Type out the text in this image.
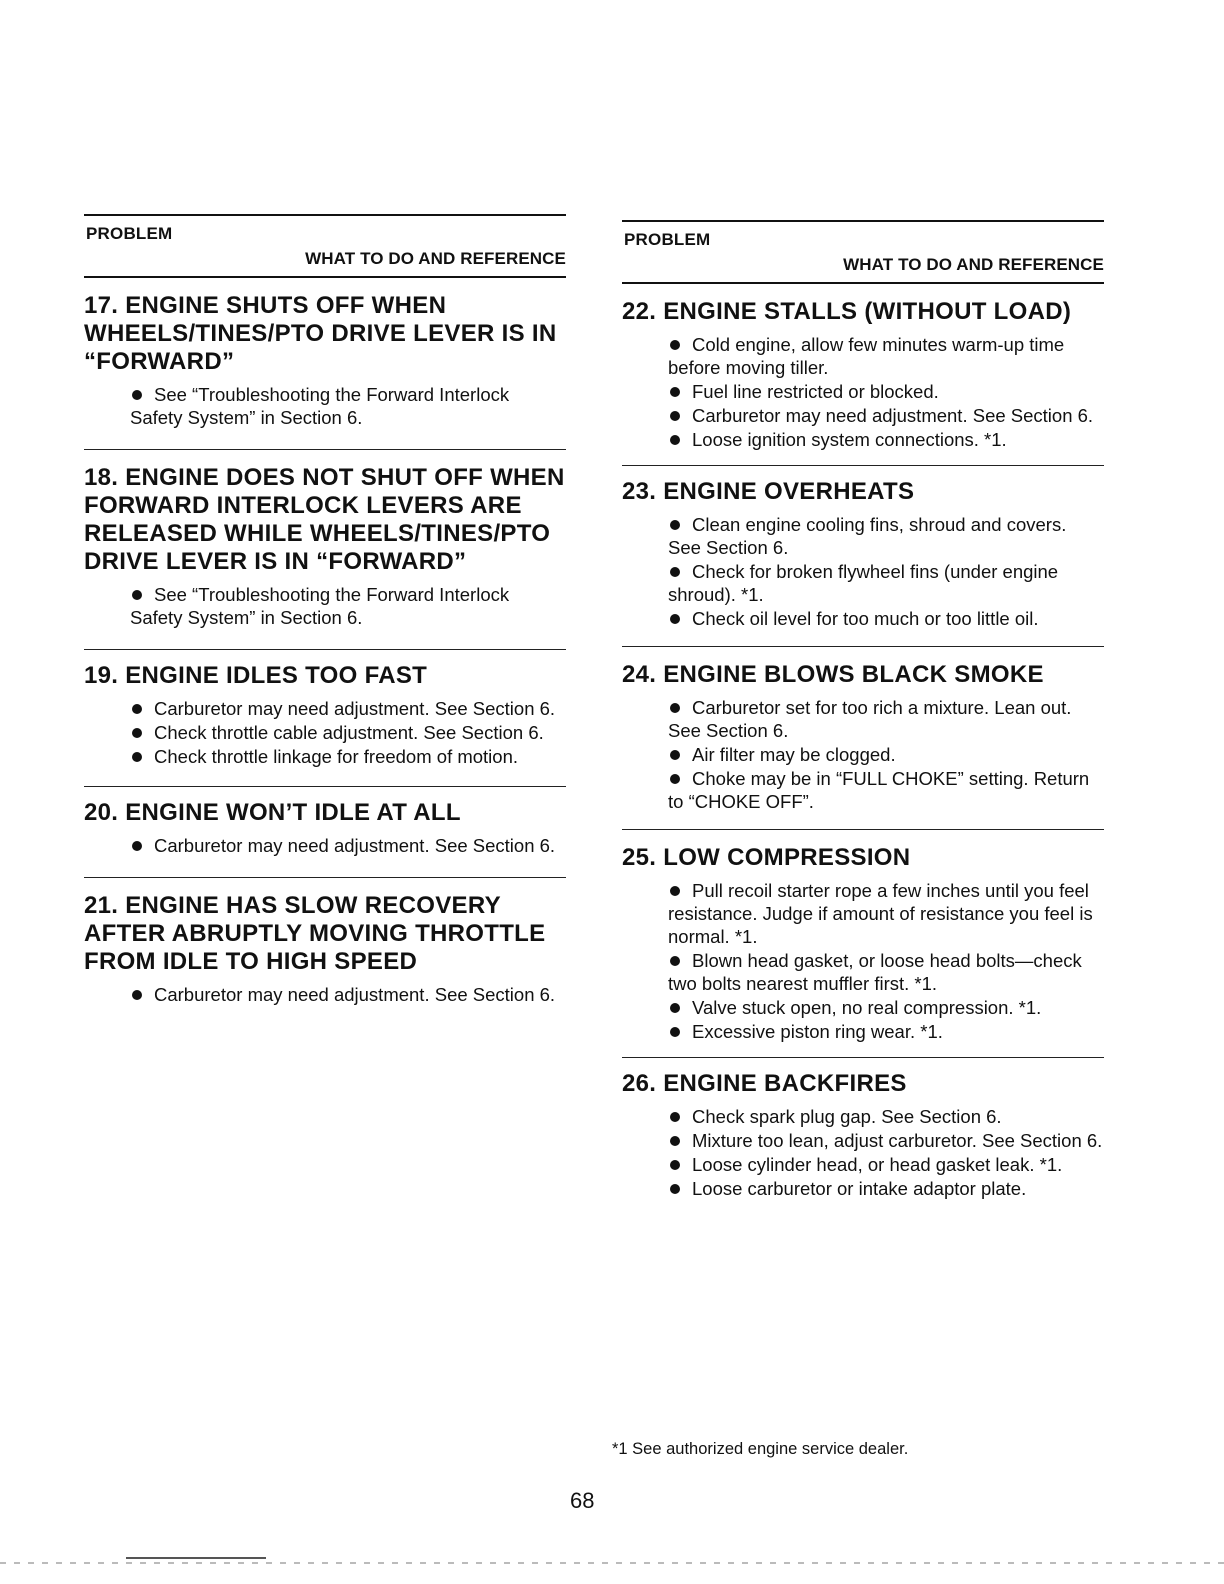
PROBLEM
WHAT TO DO AND REFERENCE

17. ENGINE SHUTS OFF WHEN WHEELS/TINES/PTO DRIVE LEVER IS IN “FORWARD”

See “Troubleshooting the Forward Interlock Safety System” in Section 6.

18. ENGINE DOES NOT SHUT OFF WHEN FORWARD INTERLOCK LEVERS ARE RELEASED WHILE WHEELS/TINES/PTO DRIVE LEVER IS IN “FORWARD”

See “Troubleshooting the Forward Interlock Safety System” in Section 6.

19. ENGINE IDLES TOO FAST

Carburetor may need adjustment. See Section 6.

Check throttle cable adjustment. See Section 6.

Check throttle linkage for freedom of motion.

20. ENGINE WON’T IDLE AT ALL

Carburetor may need adjustment. See Section 6.

21. ENGINE HAS SLOW RECOVERY AFTER ABRUPTLY MOVING THROTTLE FROM IDLE TO HIGH SPEED

Carburetor may need adjustment. See Section 6.

PROBLEM
WHAT TO DO AND REFERENCE

22. ENGINE STALLS (WITHOUT LOAD)

Cold engine, allow few minutes warm-up time before moving tiller.

Fuel line restricted or blocked.

Carburetor may need adjustment. See Section 6.

Loose ignition system connections. *1.

23. ENGINE OVERHEATS

Clean engine cooling fins, shroud and covers. See Section 6.

Check for broken flywheel fins (under engine shroud). *1.

Check oil level for too much or too little oil.

24. ENGINE BLOWS BLACK SMOKE

Carburetor set for too rich a mixture. Lean out. See Section 6.

Air filter may be clogged.

Choke may be in “FULL CHOKE” setting. Return to “CHOKE OFF”.

25. LOW COMPRESSION

Pull recoil starter rope a few inches until you feel resistance. Judge if amount of resistance you feel is normal. *1.

Blown head gasket, or loose head bolts—check two bolts nearest muffler first. *1.

Valve stuck open, no real compression. *1.

Excessive piston ring wear. *1.

26. ENGINE BACKFIRES

Check spark plug gap. See Section 6.

Mixture too lean, adjust carburetor. See Section 6.

Loose cylinder head, or head gasket leak. *1.

Loose carburetor or intake adaptor plate.

*1 See authorized engine service dealer.
68
